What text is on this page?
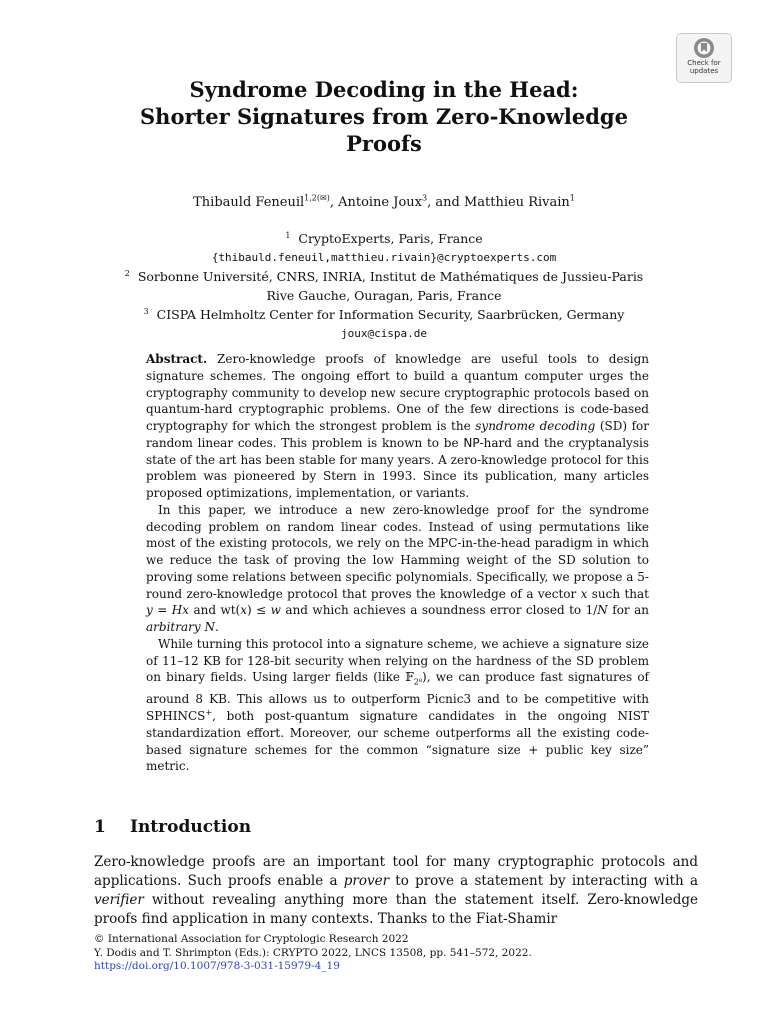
Check for
updates
Syndrome Decoding in the Head:
Shorter Signatures from Zero-Knowledge
Proofs
Thibauld Feneuil$^{1,2(✉)}$, Antoine Joux$^3$, and Matthieu Rivain$^1$
$^1$ CryptoExperts, Paris, France
{thibauld.feneuil,matthieu.rivain}@cryptoexperts.com
$^2$ Sorbonne Université, CNRS, INRIA, Institut de Mathématiques de Jussieu-Paris
Rive Gauche, Ouragan, Paris, France
$^3$ CISPA Helmholtz Center for Information Security, Saarbrücken, Germany
joux@cispa.de

Abstract. Zero-knowledge proofs of knowledge are useful tools to design signature schemes. The ongoing effort to build a quantum computer urges the cryptography community to develop new secure cryptographic protocols based on quantum-hard cryptographic problems. One of the few directions is code-based cryptography for which the strongest problem is the syndrome decoding (SD) for random linear codes. This problem is known to be NP-hard and the cryptanalysis state of the art has been stable for many years. A zero-knowledge protocol for this problem was pioneered by Stern in 1993. Since its publication, many articles proposed optimizations, implementation, or variants.

In this paper, we introduce a new zero-knowledge proof for the syndrome decoding problem on random linear codes. Instead of using permutations like most of the existing protocols, we rely on the MPC-in-the-head paradigm in which we reduce the task of proving the low Hamming weight of the SD solution to proving some relations between specific polynomials. Specifically, we propose a 5-round zero-knowledge protocol that proves the knowledge of a vector x such that y = Hx and wt(x) ≤ w and which achieves a soundness error closed to 1/N for an arbitrary N.

While turning this protocol into a signature scheme, we achieve a signature size of 11–12 KB for 128-bit security when relying on the hardness of the SD problem on binary fields. Using larger fields (like 𝔽$_{2^8}$), we can produce fast signatures of around 8 KB. This allows us to outperform Picnic3 and to be competitive with SPHINCS+, both post-quantum signature candidates in the ongoing NIST standardization effort. Moreover, our scheme outperforms all the existing code-based signature schemes for the common “signature size + public key size” metric.

1 Introduction

Zero-knowledge proofs are an important tool for many cryptographic protocols and applications. Such proofs enable a prover to prove a statement by interacting with a verifier without revealing anything more than the statement itself. Zero-knowledge proofs find application in many contexts. Thanks to the Fiat-Shamir

© International Association for Cryptologic Research 2022
Y. Dodis and T. Shrimpton (Eds.): CRYPTO 2022, LNCS 13508, pp. 541–572, 2022.
https://doi.org/10.1007/978-3-031-15979-4_19
